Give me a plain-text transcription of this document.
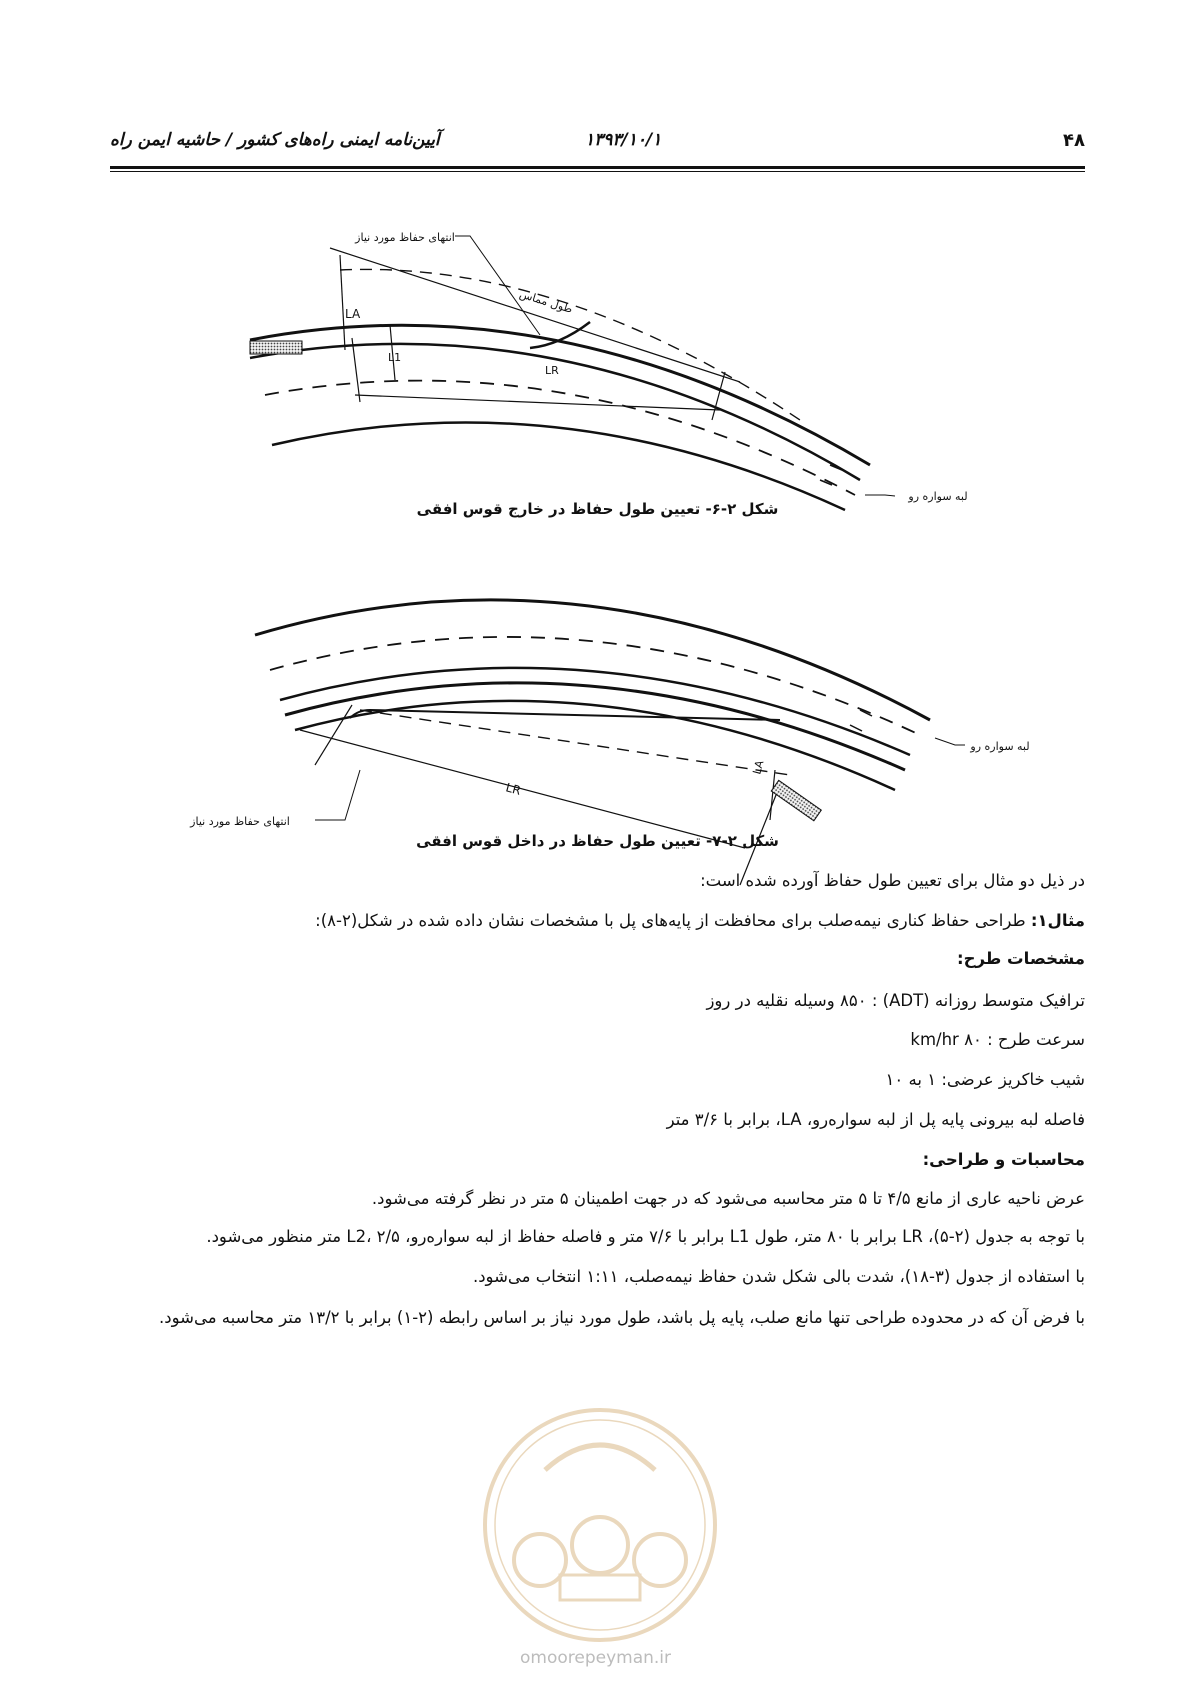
۴۸
۱۳۹۳/۱۰/۱
آیین‌نامه ایمنی راه‌های کشور / حاشیه ایمن راه
انتهای حفاظ مورد نیاز
طول مماس
LA
L1
LR
لبه سواره رو
لبه سواره رو
انتهای حفاظ مورد نیاز
LR
LA
شکل ۲-۶- تعیین طول حفاظ در خارج قوس افقی
شکل ۲-۷- تعیین طول حفاظ در داخل قوس افقی
در ذیل دو مثال برای تعیین طول حفاظ آورده شده است:
مثال۱: طراحی حفاظ کناری نیمه‌صلب برای محافظت از پایه‌های پل با مشخصات نشان داده شده در شکل(۲-۸):
مشخصات طرح:
ترافیک متوسط روزانه (ADT) : ۸۵۰ وسیله نقلیه در روز
سرعت طرح : ۸۰ km/hr
شیب خاکریز عرضی: ۱ به ۱۰
فاصله لبه بیرونی پایه پل از لبه سواره‌رو، LA، برابر با ۳/۶ متر
محاسبات و طراحی:
عرض ناحیه عاری از مانع ۴/۵ تا ۵ متر محاسبه می‌شود که در جهت اطمینان ۵ متر در نظر گرفته می‌شود.
با توجه به جدول (۲-۵)، LR برابر با ۸۰ متر، طول L1 برابر با ۷/۶ متر و فاصله حفاظ از لبه سواره‌رو، L2، ۲/۵ متر منظور می‌شود.
با استفاده از جدول (۳-۱۸)، شدت بالی شکل شدن حفاظ نیمه‌صلب، ۱:۱۱ انتخاب می‌شود.
با فرض آن که در محدوده طراحی تنها مانع صلب، پایه پل باشد، طول مورد نیاز بر اساس رابطه (۲-۱) برابر با ۱۳/۲ متر محاسبه می‌شود.
omoorepeyman.ir
